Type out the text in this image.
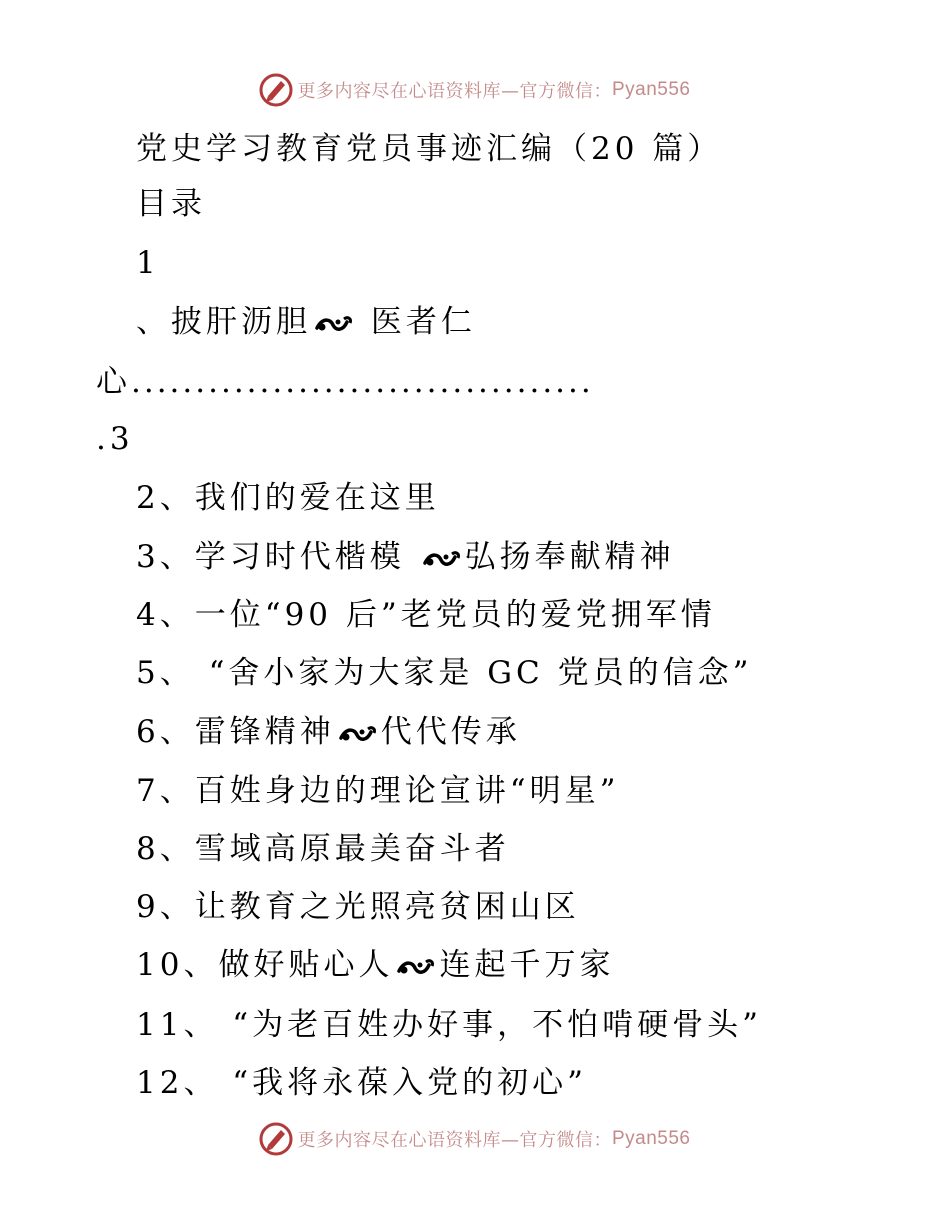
更多内容尽在心语资料库—官方微信： Pyan556
党史学习教育党员事迹汇编（20 篇）
目录
1
、披肝沥胆 医者仁
心....................................
.3
2、我们的爱在这里
3、学习时代楷模 弘扬奉献精神
4、一位“90 后”老党员的爱党拥军情
5、 “舍小家为大家是 GC 党员的信念”
6、雷锋精神 代代传承
7、百姓身边的理论宣讲“明星”
8、雪域高原最美奋斗者
9、让教育之光照亮贫困山区
10、做好贴心人 连起千万家
11、 “为老百姓办好事，不怕啃硬骨头”
12、 “我将永葆入党的初心”
更多内容尽在心语资料库—官方微信： Pyan556
